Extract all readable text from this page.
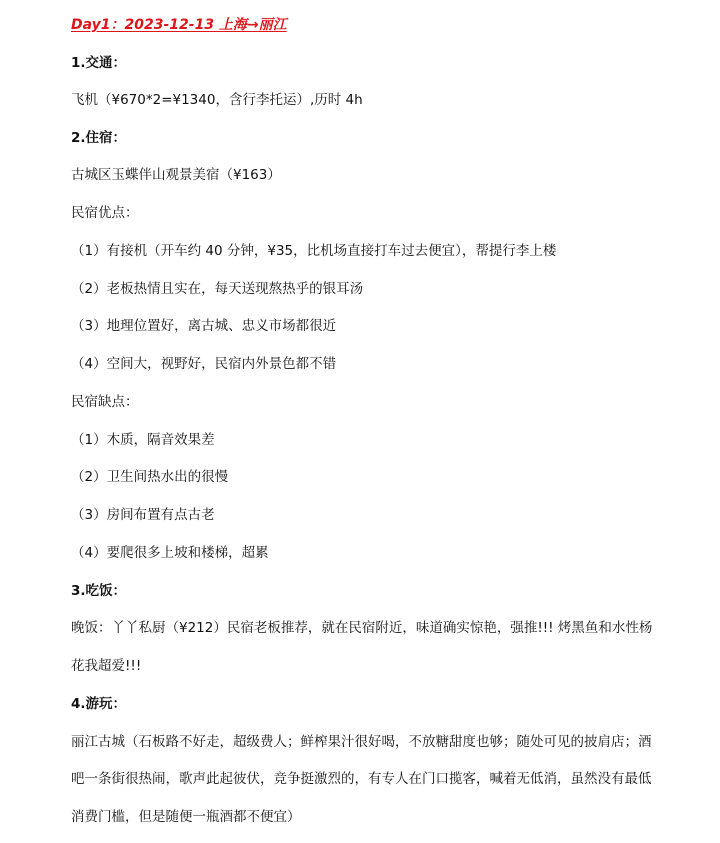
Day1：2023-12-13 上海→丽江
1.交通：
飞机（¥670*2=¥1340，含行李托运）,历时 4h
2.住宿：
古城区玉蝶伴山观景美宿（¥163）
民宿优点：
（1）有接机（开车约 40 分钟，¥35，比机场直接打车过去便宜），帮提行李上楼
（2）老板热情且实在，每天送现熬热乎的银耳汤
（3）地理位置好，离古城、忠义市场都很近
（4）空间大，视野好，民宿内外景色都不错
民宿缺点：
（1）木质，隔音效果差
（2）卫生间热水出的很慢
（3）房间布置有点古老
（4）要爬很多上坡和楼梯，超累
3.吃饭：
晚饭：丫丫私厨（¥212）民宿老板推荐，就在民宿附近，味道确实惊艳，强推!!! 烤黑鱼和水性杨
花我超爱!!!
4.游玩：
丽江古城（石板路不好走，超级费人；鲜榨果汁很好喝，不放糖甜度也够；随处可见的披肩店；酒
吧一条街很热闹，歌声此起彼伏，竞争挺激烈的，有专人在门口揽客，喊着无低消，虽然没有最低
消费门槛，但是随便一瓶酒都不便宜）
